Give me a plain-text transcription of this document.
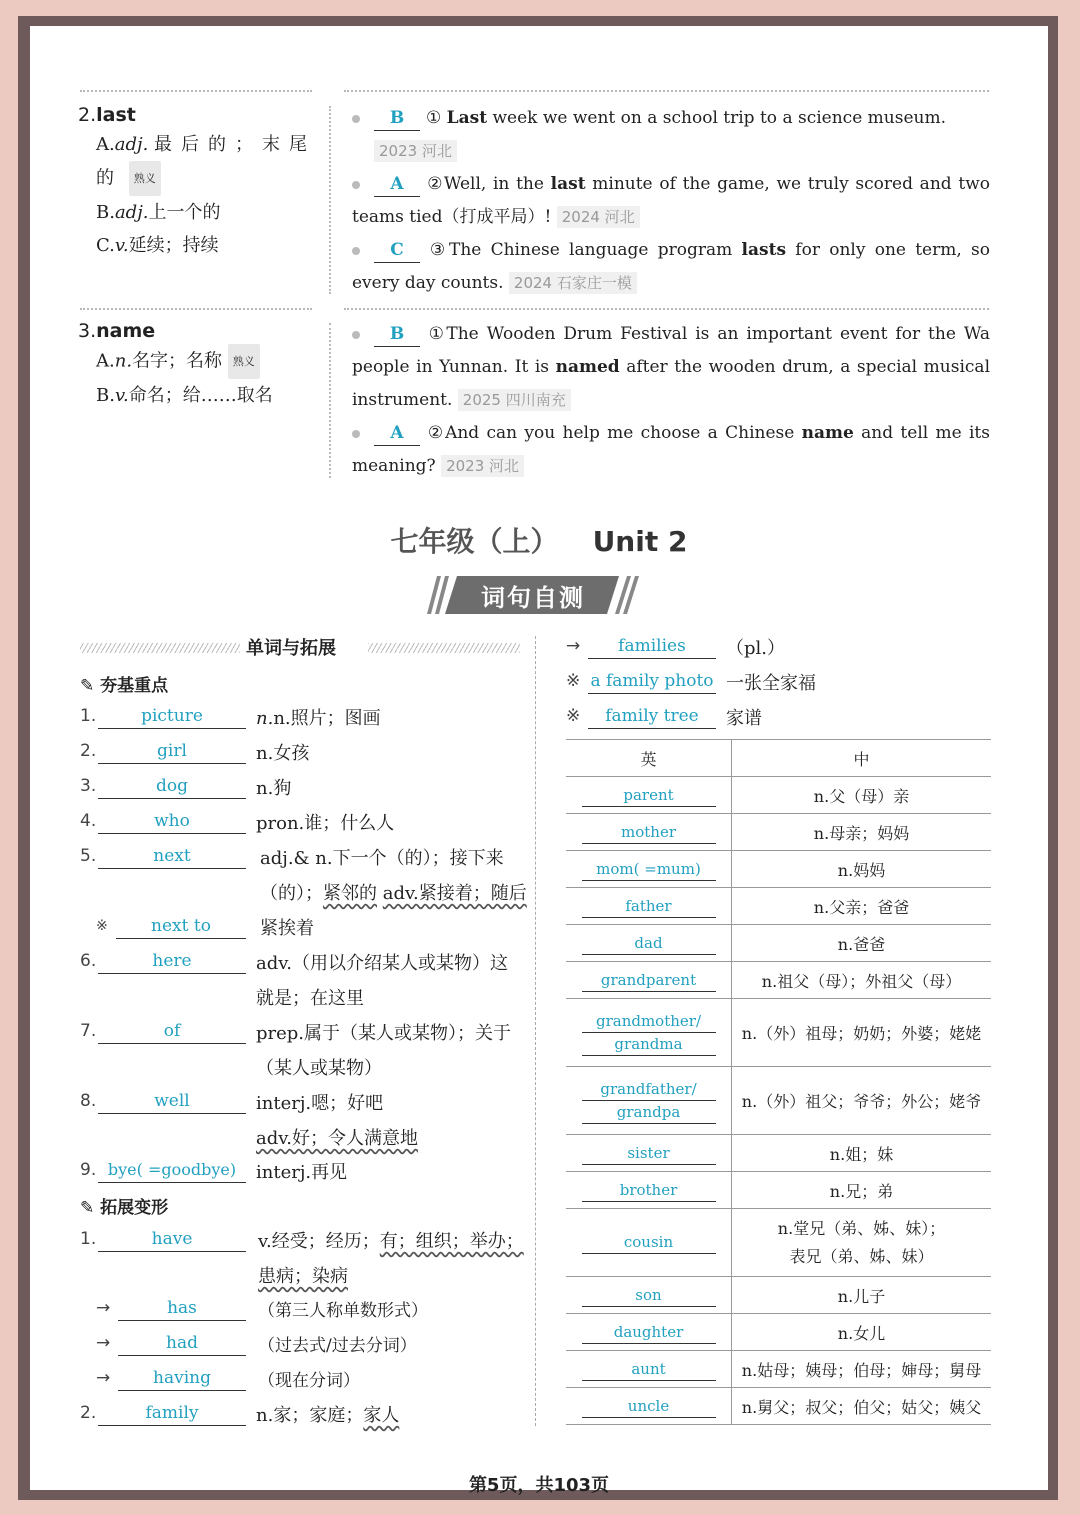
2.last
A.adj. 最后的；末尾的 熟义
B.adj.上一个的
C.v.延续；持续
B ① Last week we went on a school trip to a science museum.
2023 河北
A ②Well, in the last minute of the game, we truly scored and two teams tied（打成平局）! 2024 河北
C ③The Chinese language program lasts for only one term, so every day counts. 2024 石家庄一模
3.name
A.n.名字；名称 熟义
B.v.命名；给……取名
B ①The Wooden Drum Festival is an important event for the Wa people in Yunnan. It is named after the wooden drum, a special musical instrument. 2025 四川南充
A ②And can you help me choose a Chinese name and tell me its meaning? 2023 河北
七年级（上） Unit 2
词句自测
单词与拓展
✎ 夯基重点
1.	picture	n.n.照片；图画
2.	girl	n.女孩
3.	dog	n.狗
4.	who	pron.谁；什么人
5.	next	adj.& n.下一个（的）；接下来
（的）；紧邻的 adv.紧接着；随后
※	next to	紧挨着
6.	here	adv.（用以介绍某人或某物）这
就是；在这里
7.	of	prep.属于（某人或某物）；关于
（某人或某物）
8.	well	interj.嗯；好吧
adv.好；令人满意地
9. bye( =goodbye)	interj.再见
✎ 拓展变形
1.	have	v.经受；经历；有；组织；举办；
患病；染病
→	has	（第三人称单数形式）
→	had	（过去式/过去分词）
→	having	（现在分词）
2.	family	n.家；家庭；家人
→	families	（pl.）
※ a family photo 一张全家福
※	family tree	家谱
英	中
parent	n.父（母）亲
mother	n.母亲；妈妈
mom( =mum)	n.妈妈
father	n.父亲；爸爸
dad	n.爸爸
grandparent	n.祖父（母）；外祖父（母）
grandmother/
grandma	n.（外）祖母；奶奶；外婆；姥姥
grandfather/
grandpa	n.（外）祖父；爷爷；外公；姥爷
sister	n.姐；妹
brother	n.兄；弟
cousin	n.堂兄（弟、姊、妹）；
表兄（弟、姊、妹）
son	n.儿子
daughter	n.女儿
aunt	n.姑母；姨母；伯母；婶母；舅母
uncle	n.舅父；叔父；伯父；姑父；姨父
第5页，共103页
